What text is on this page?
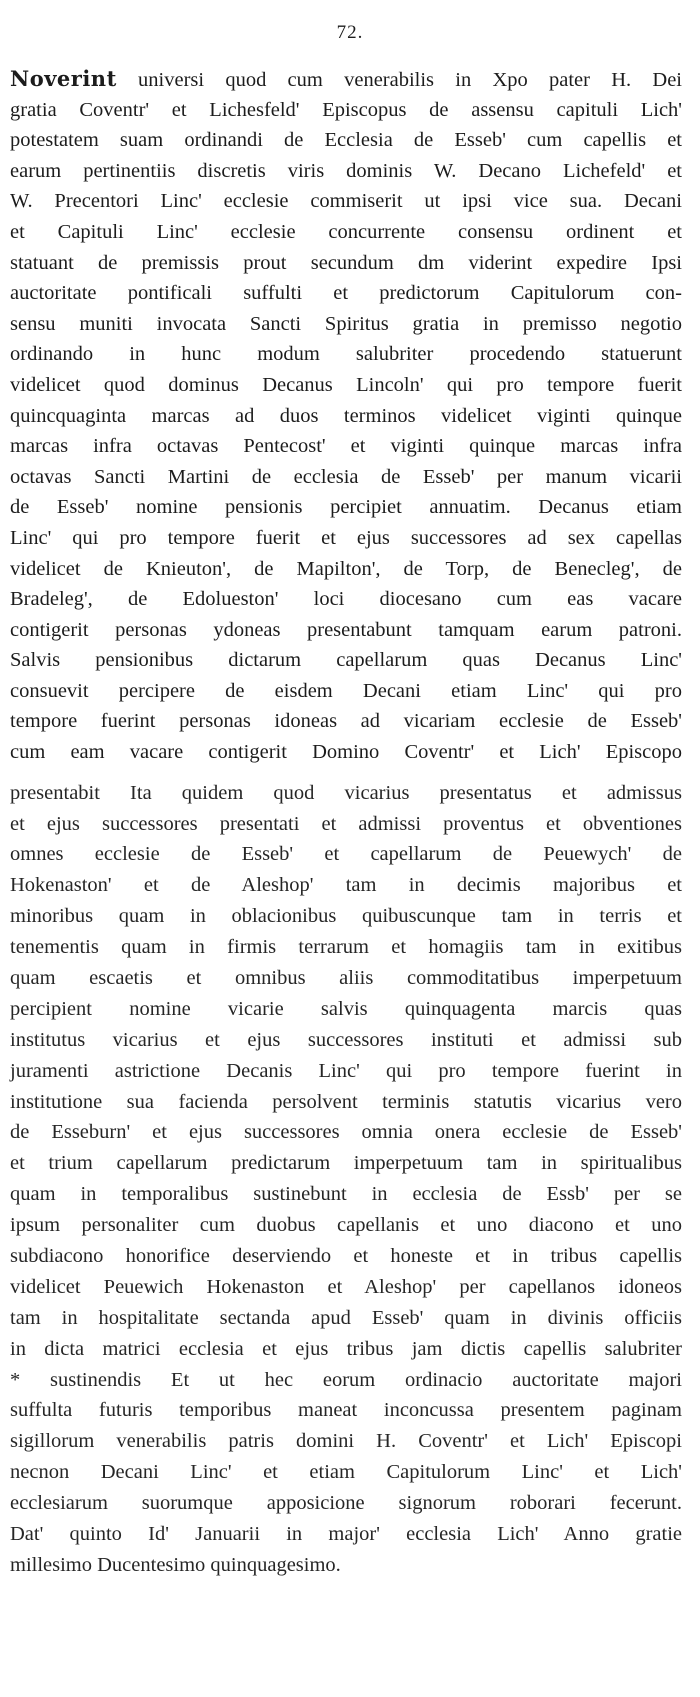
72.
Noverint universi quod cum venerabilis in Xpo pater H. Dei
gratia Coventr' et Lichesfeld' Episcopus de assensu capituli Lich'
potestatem suam ordinandi de Ecclesia de Esseb' cum capellis et
earum pertinentiis discretis viris dominis W. Decano Lichefeld' et
W. Precentori Linc' ecclesie commiserit ut ipsi vice sua. Decani
et Capituli Linc' ecclesie concurrente consensu ordinent et
statuant de premissis prout secundum dm viderint expedire Ipsi
auctoritate pontificali suffulti et predictorum Capitulorum con-
sensu muniti invocata Sancti Spiritus gratia in premisso negotio
ordinando in hunc modum salubriter procedendo statuerunt
videlicet quod dominus Decanus Lincoln' qui pro tempore fuerit
quincquaginta marcas ad duos terminos videlicet viginti quinque
marcas infra octavas Pentecost' et viginti quinque marcas infra
octavas Sancti Martini de ecclesia de Esseb' per manum vicarii
de Esseb' nomine pensionis percipiet annuatim. Decanus etiam
Linc' qui pro tempore fuerit et ejus successores ad sex capellas
videlicet de Knieuton', de Mapilton', de Torp, de Benecleg', de
Bradeleg', de Edolueston' loci diocesano cum eas vacare
contigerit personas ydoneas presentabunt tamquam earum patroni.
Salvis pensionibus dictarum capellarum quas Decanus Linc'
consuevit percipere de eisdem Decani etiam Linc' qui pro
tempore fuerint personas idoneas ad vicariam ecclesie de Esseb'
cum eam vacare contigerit Domino Coventr' et Lich' Episcopo
presentabit Ita quidem quod vicarius presentatus et admissus
et ejus successores presentati et admissi proventus et obventiones
omnes ecclesie de Esseb' et capellarum de Peuewych' de
Hokenaston' et de Aleshop' tam in decimis majoribus et
minoribus quam in oblacionibus quibuscunque tam in terris et
tenementis quam in firmis terrarum et homagiis tam in exitibus
quam escaetis et omnibus aliis commoditatibus imperpetuum
percipient nomine vicarie salvis quinquagenta marcis quas
institutus vicarius et ejus successores instituti et admissi sub
juramenti astrictione Decanis Linc' qui pro tempore fuerint in
institutione sua facienda persolvent terminis statutis vicarius vero
de Esseburn' et ejus successores omnia onera ecclesie de Esseb'
et trium capellarum predictarum imperpetuum tam in spiritualibus
quam in temporalibus sustinebunt in ecclesia de Essb' per se
ipsum personaliter cum duobus capellanis et uno diacono et uno
subdiacono honorifice deserviendo et honeste et in tribus capellis
videlicet Peuewich Hokenaston et Aleshop' per capellanos idoneos
tam in hospitalitate sectanda apud Esseb' quam in divinis officiis
in dicta matrici ecclesia et ejus tribus jam dictis capellis salubriter
* sustinendis Et ut hec eorum ordinacio auctoritate majori
suffulta futuris temporibus maneat inconcussa presentem paginam
sigillorum venerabilis patris domini H. Coventr' et Lich' Episcopi
necnon Decani Linc' et etiam Capitulorum Linc' et Lich'
ecclesiarum suorumque apposicione signorum roborari fecerunt.
Dat' quinto Id' Januarii in major' ecclesia Lich' Anno gratie
millesimo Ducentesimo quinquagesimo.
